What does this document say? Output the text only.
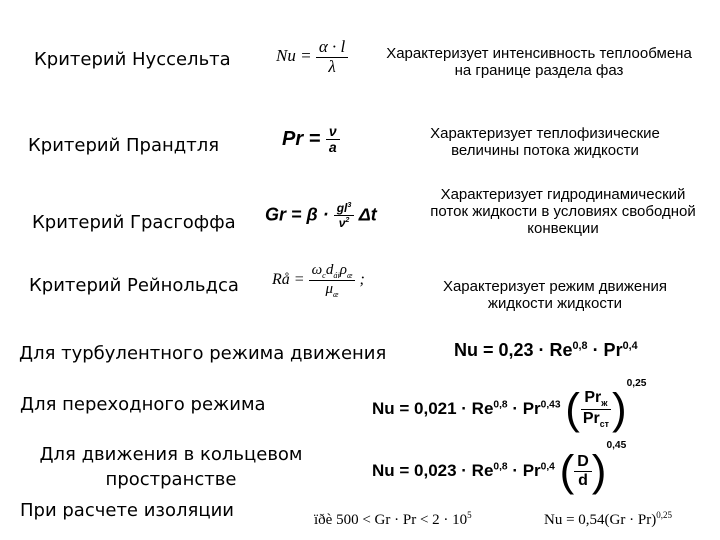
Критерий Нуссельта
Критерий Прандтля
Критерий Грасгоффа
Критерий Рейнольдса
Характеризует интенсивность теплообмена на границе раздела фаз
Характеризует теплофизические величины потока жидкости
Характеризует гидродинамический поток жидкости в условиях свободной конвекции
Характеризует режим движения жидкости жидкости
$Nu = \frac{\alpha \cdot l}{\lambda}$
$Pr = \frac{\nu}{a}$
$Gr = \beta \cdot \frac{gl^3}{\nu^2}$ Δt
Rå = $\frac{\omega_cd_{ái}\rho_æ}{\mu_æ}$ ;
Для турбулентного режима движения
Для переходного режима
Для движения в кольцевом пространстве
При расчете изоляции
Nu = 0,23 · Re$^{0,8}$ · Pr$^{0,4}$
Nu = 0,021 · Re$^{0,8}$ · Pr$^{0,43}$ ( $\frac{Pr_ж}{Pr_{ст}} )^{0,25}$
Nu = 0,023 · Re$^{0,8}$ · Pr$^{0,4}$ ( $\frac{D}{d} )^{0,45}$
ïðè $500 < Gr \cdot Pr < 2 \cdot 10^5$	$Nu = 0,54(Gr \cdot Pr)^{0,25}$
